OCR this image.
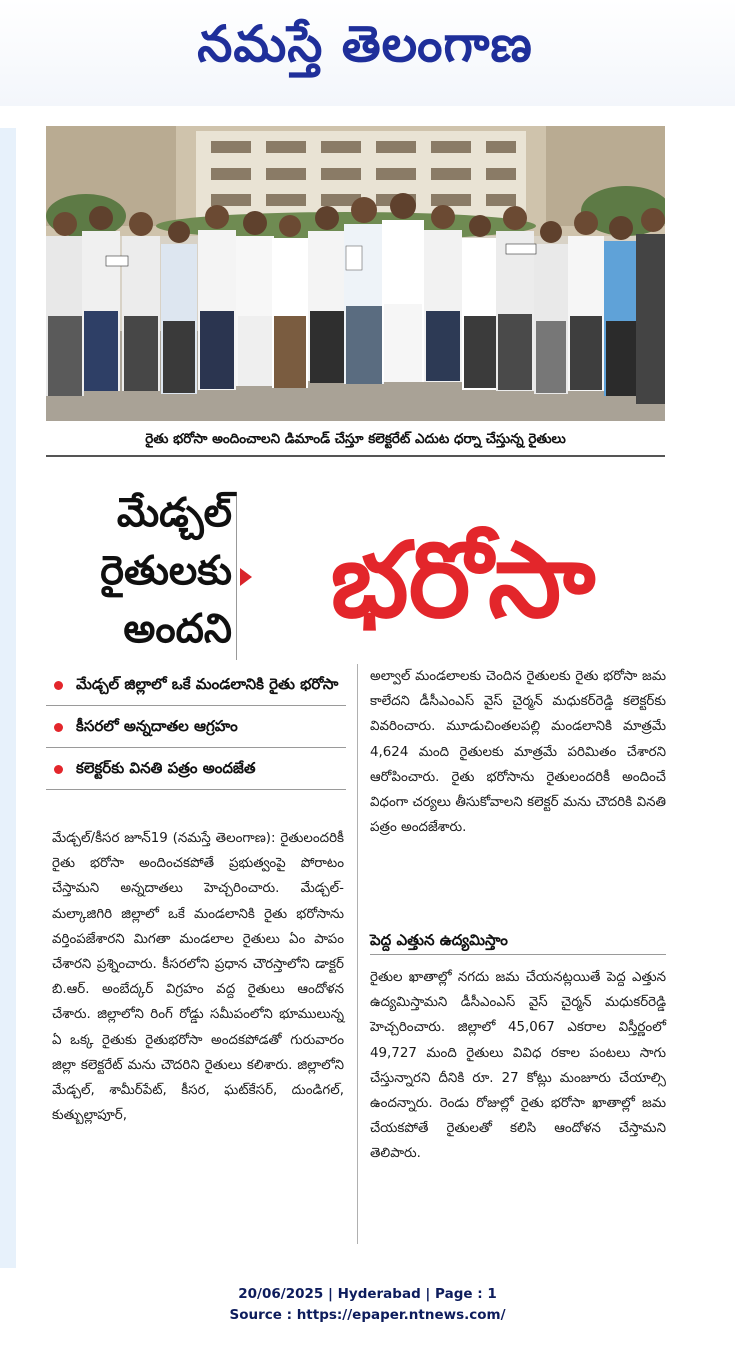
నమస్తే తెలంగాణ
రైతు భరోసా అందించాలని డిమాండ్ చేస్తూ కలెక్టరేట్ ఎదుట ధర్నా చేస్తున్న రైతులు
మేడ్చల్
రైతులకు
అందని భరోసా
మేడ్చల్ జిల్లాలో ఒకే మండలానికి రైతు భరోసా
కీసరలో అన్నదాతల ఆగ్రహం
కలెక్టర్‌కు వినతి పత్రం అందజేత

మేడ్చల్/కీసర జూన్19 (నమస్తే తెలంగాణ): రైతులందరికీ రైతు భరోసా అందించకపోతే ప్రభుత్వంపై పోరాటం చేస్తామని అన్నదాతలు హెచ్చరించారు. మేడ్చల్-మల్కాజిగిరి జిల్లాలో ఒకే మండలానికి రైతు భరోసాను వర్తింపజేశారని మిగతా మండలాల రైతులు ఏం పాపం చేశారని ప్రశ్నించారు. కీసరలోని ప్రధాన చౌరస్తాలోని డాక్టర్ బి.ఆర్. అంబేద్కర్ విగ్రహం వద్ద రైతులు ఆందోళన చేశారు. జిల్లాలోని రింగ్ రోడ్డు సమీపంలోని భూములున్న ఏ ఒక్క రైతుకు రైతుభరోసా అందకపోడతో గురువారం జిల్లా కలెక్టరేట్ మను చౌదరిని రైతులు కలిశారు. జిల్లాలోని మేడ్చల్, శామీర్‌పేట్, కీసర, ఘట్‌కేసర్, దుండిగల్, కుత్బుల్లాపూర్,

అల్వాల్ మండలాలకు చెందిన రైతులకు రైతు భరోసా జమ కాలేదని డీసీఎంఎస్ వైస్ చైర్మన్ మధుకర్‌రెడ్డి కలెక్టర్‌కు వివరించారు. మూడుచింతలపల్లి మండలానికి మాత్రమే 4,624 మంది రైతులకు మాత్రమే పరిమితం చేశారని ఆరోపించారు. రైతు భరోసాను రైతులందరికీ అందించే విధంగా చర్యలు తీసుకోవాలని కలెక్టర్ మను చౌదరికి వినతి పత్రం అందజేశారు.

పెద్ద ఎత్తున ఉద్యమిస్తాం

రైతుల ఖాతాల్లో నగదు జమ చేయనట్లయితే పెద్ద ఎత్తున ఉద్యమిస్తామని డీసీఎంఎస్ వైస్ చైర్మన్ మధుకర్‌రెడ్డి హెచ్చరించారు. జిల్లాలో 45,067 ఎకరాల విస్తీర్ణంలో 49,727 మంది రైతులు వివిధ రకాల పంటలు సాగు చేస్తున్నారని దీనికి రూ. 27 కోట్లు మంజూరు చేయాల్సి ఉందన్నారు. రెండు రోజుల్లో రైతు భరోసా ఖాతాల్లో జమ చేయకపోతే రైతులతో కలిసి ఆందోళన చేస్తామని తెలిపారు.

20/06/2025 | Hyderabad | Page : 1
Source : https://epaper.ntnews.com/
